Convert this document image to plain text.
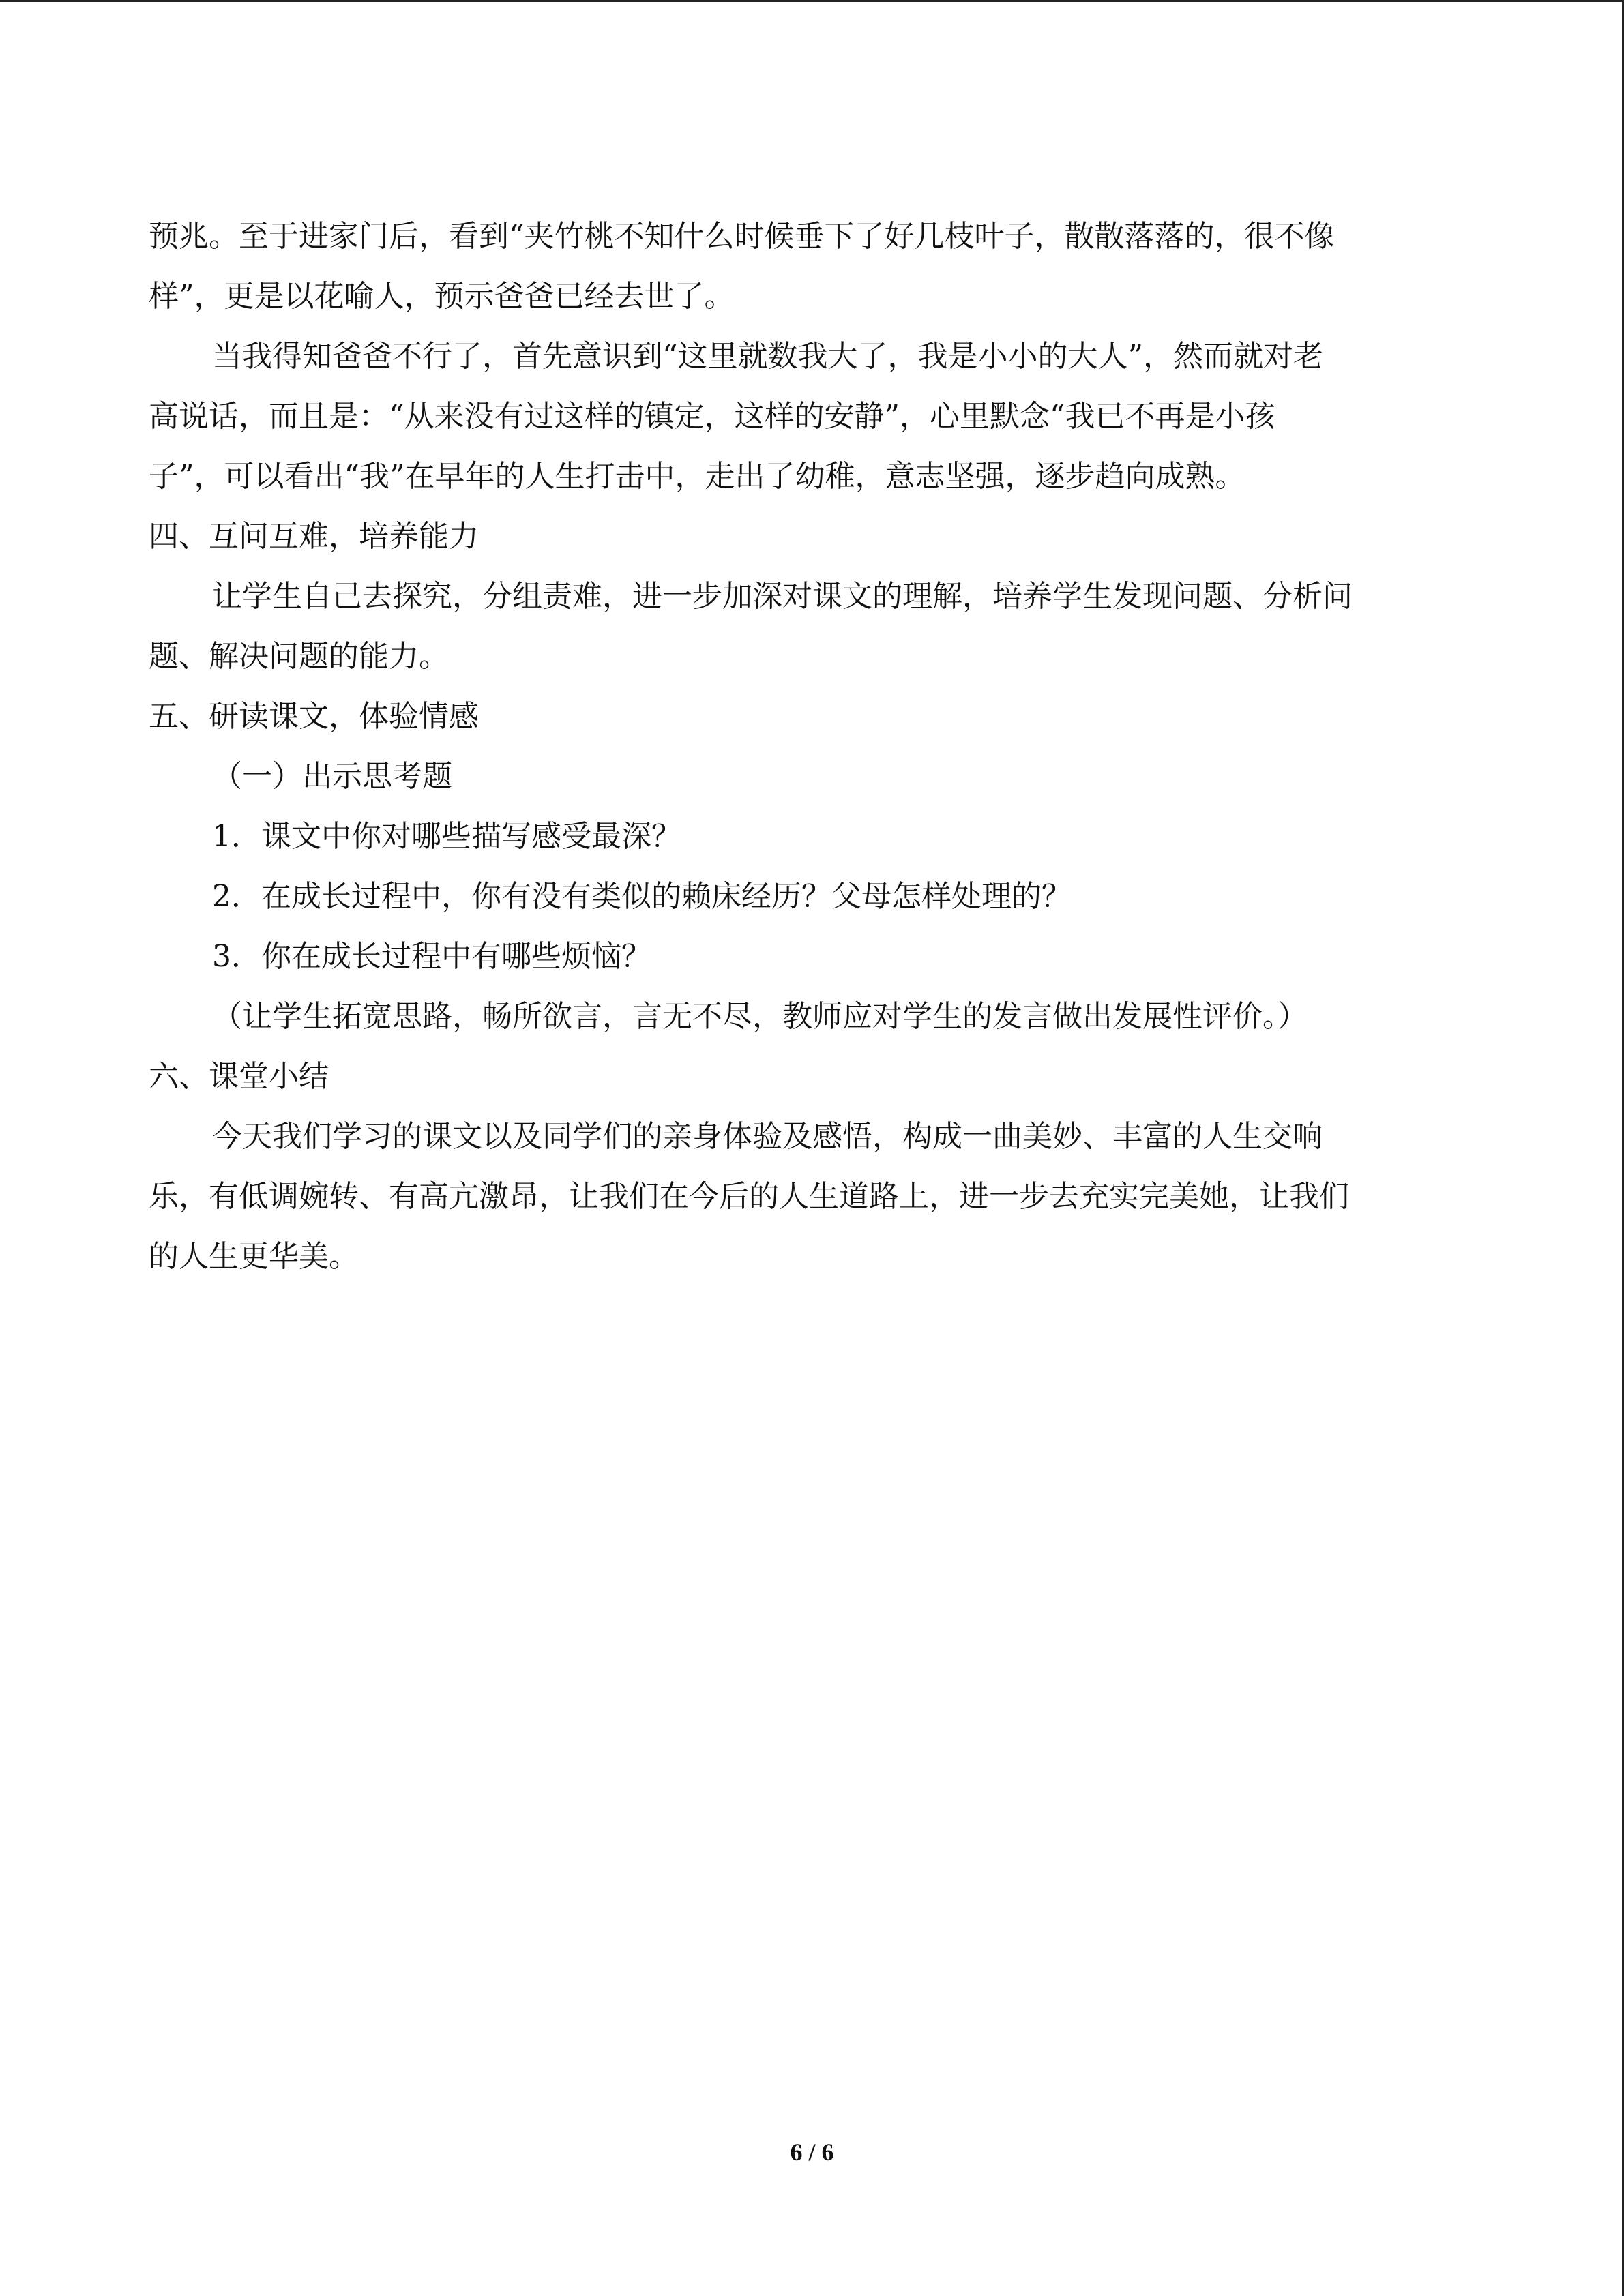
预兆。至于进家门后，看到“夹竹桃不知什么时候垂下了好几枝叶子，散散落落的，很不像
样”，更是以花喻人，预示爸爸已经去世了。
当我得知爸爸不行了，首先意识到“这里就数我大了，我是小小的大人”，然而就对老
高说话，而且是：“从来没有过这样的镇定，这样的安静”，心里默念“我已不再是小孩
子”，可以看出“我”在早年的人生打击中，走出了幼稚，意志坚强，逐步趋向成熟。
四、互问互难，培养能力
让学生自己去探究，分组责难，进一步加深对课文的理解，培养学生发现问题、分析问
题、解决问题的能力。
五、研读课文，体验情感
（一）出示思考题
1．课文中你对哪些描写感受最深？
2．在成长过程中，你有没有类似的赖床经历？父母怎样处理的？
3．你在成长过程中有哪些烦恼？
（让学生拓宽思路，畅所欲言，言无不尽，教师应对学生的发言做出发展性评价。）
六、课堂小结
今天我们学习的课文以及同学们的亲身体验及感悟，构成一曲美妙、丰富的人生交响
乐，有低调婉转、有高亢激昂，让我们在今后的人生道路上，进一步去充实完美她，让我们
的人生更华美。
6 / 6
